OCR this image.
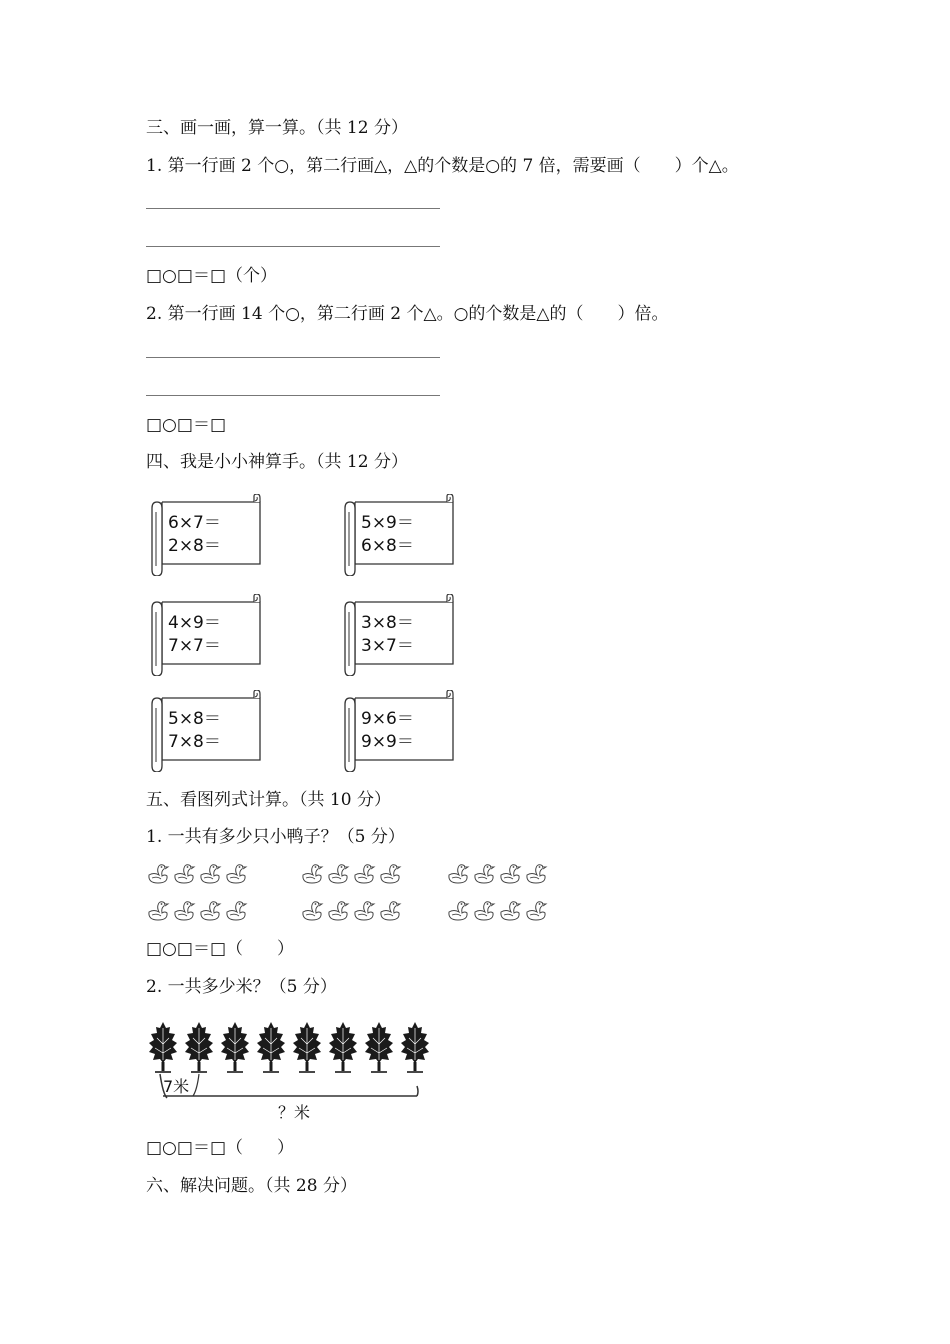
三、画一画，算一算。（共 12 分）
1. 第一行画 2 个○，第二行画△，△的个数是○的 7 倍，需要画（　　）个△。
□○□＝□（个）
2. 第一行画 14 个○，第二行画 2 个△。○的个数是△的（　　）倍。
□○□＝□
四、我是小小神算手。（共 12 分）
6×7＝
2×8＝
5×9＝
6×8＝
4×9＝
7×7＝
3×8＝
3×7＝
5×8＝
7×8＝
9×6＝
9×9＝
五、看图列式计算。（共 10 分）
1. 一共有多少只小鸭子？（5 分）
□○□＝□（　　）
2. 一共多少米？（5 分）
7米
？米
□○□＝□（　　）
六、解决问题。（共 28 分）
